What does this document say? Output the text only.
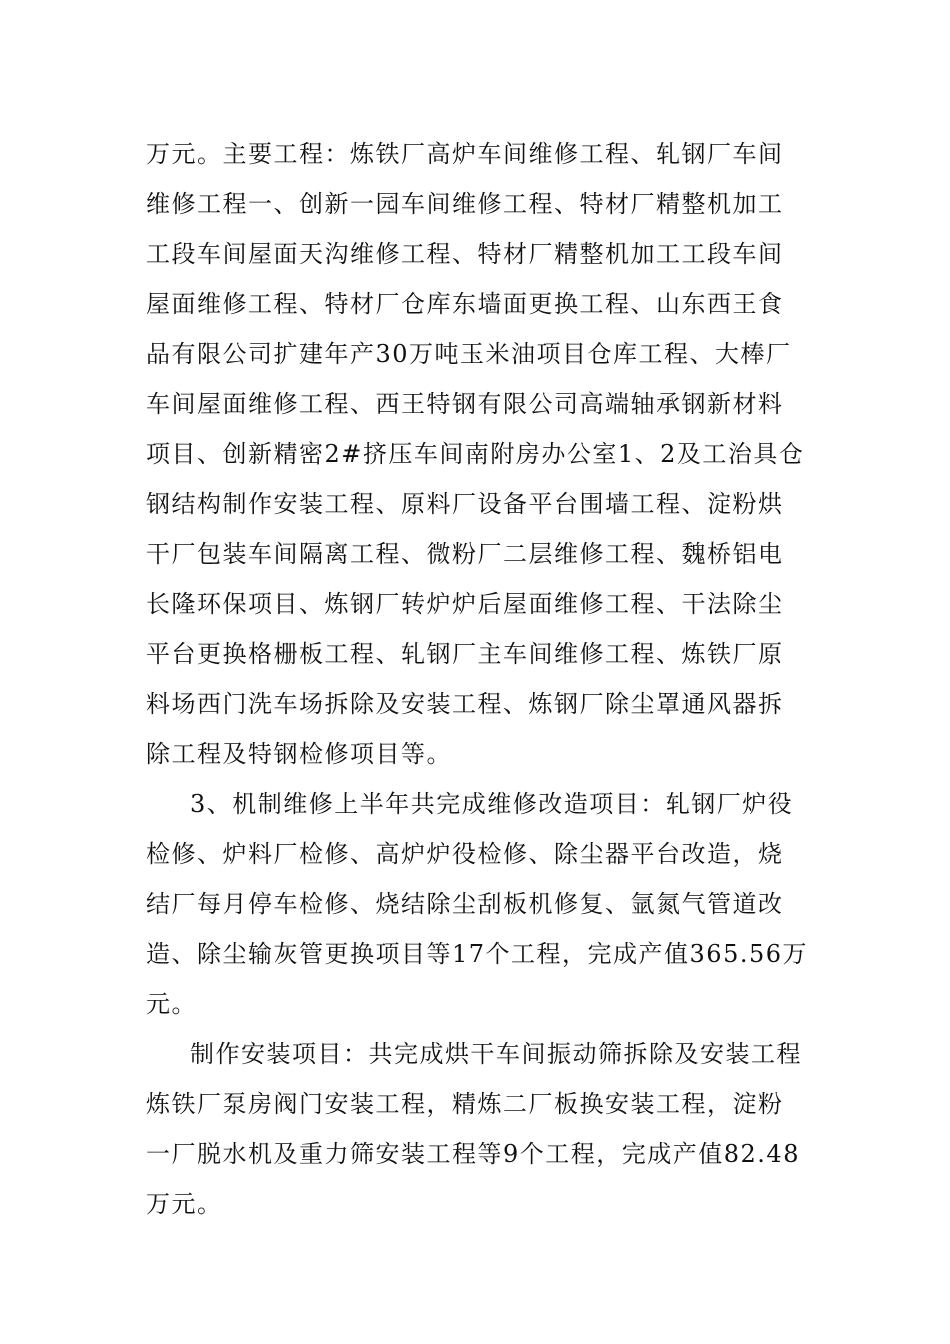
万元。主要工程：炼铁厂高炉车间维修工程、轧钢厂车间
维修工程一、创新一园车间维修工程、特材厂精整机加工
工段车间屋面天沟维修工程、特材厂精整机加工工段车间
屋面维修工程、特材厂仓库东墙面更换工程、山东西王食
品有限公司扩建年产30万吨玉米油项目仓库工程、大棒厂
车间屋面维修工程、西王特钢有限公司高端轴承钢新材料
项目、创新精密2#挤压车间南附房办公室1、2及工治具仓
钢结构制作安装工程、原料厂设备平台围墙工程、淀粉烘
干厂包装车间隔离工程、微粉厂二层维修工程、魏桥铝电
长隆环保项目、炼钢厂转炉炉后屋面维修工程、干法除尘
平台更换格栅板工程、轧钢厂主车间维修工程、炼铁厂原
料场西门洗车场拆除及安装工程、炼钢厂除尘罩通风器拆
除工程及特钢检修项目等。
3、机制维修上半年共完成维修改造项目：轧钢厂炉役
检修、炉料厂检修、高炉炉役检修、除尘器平台改造，烧
结厂每月停车检修、烧结除尘刮板机修复、氩氮气管道改
造、除尘输灰管更换项目等17个工程，完成产值365.56万
元。
制作安装项目：共完成烘干车间振动筛拆除及安装工程
炼铁厂泵房阀门安装工程，精炼二厂板换安装工程，淀粉
一厂脱水机及重力筛安装工程等9个工程，完成产值82.48
万元。
